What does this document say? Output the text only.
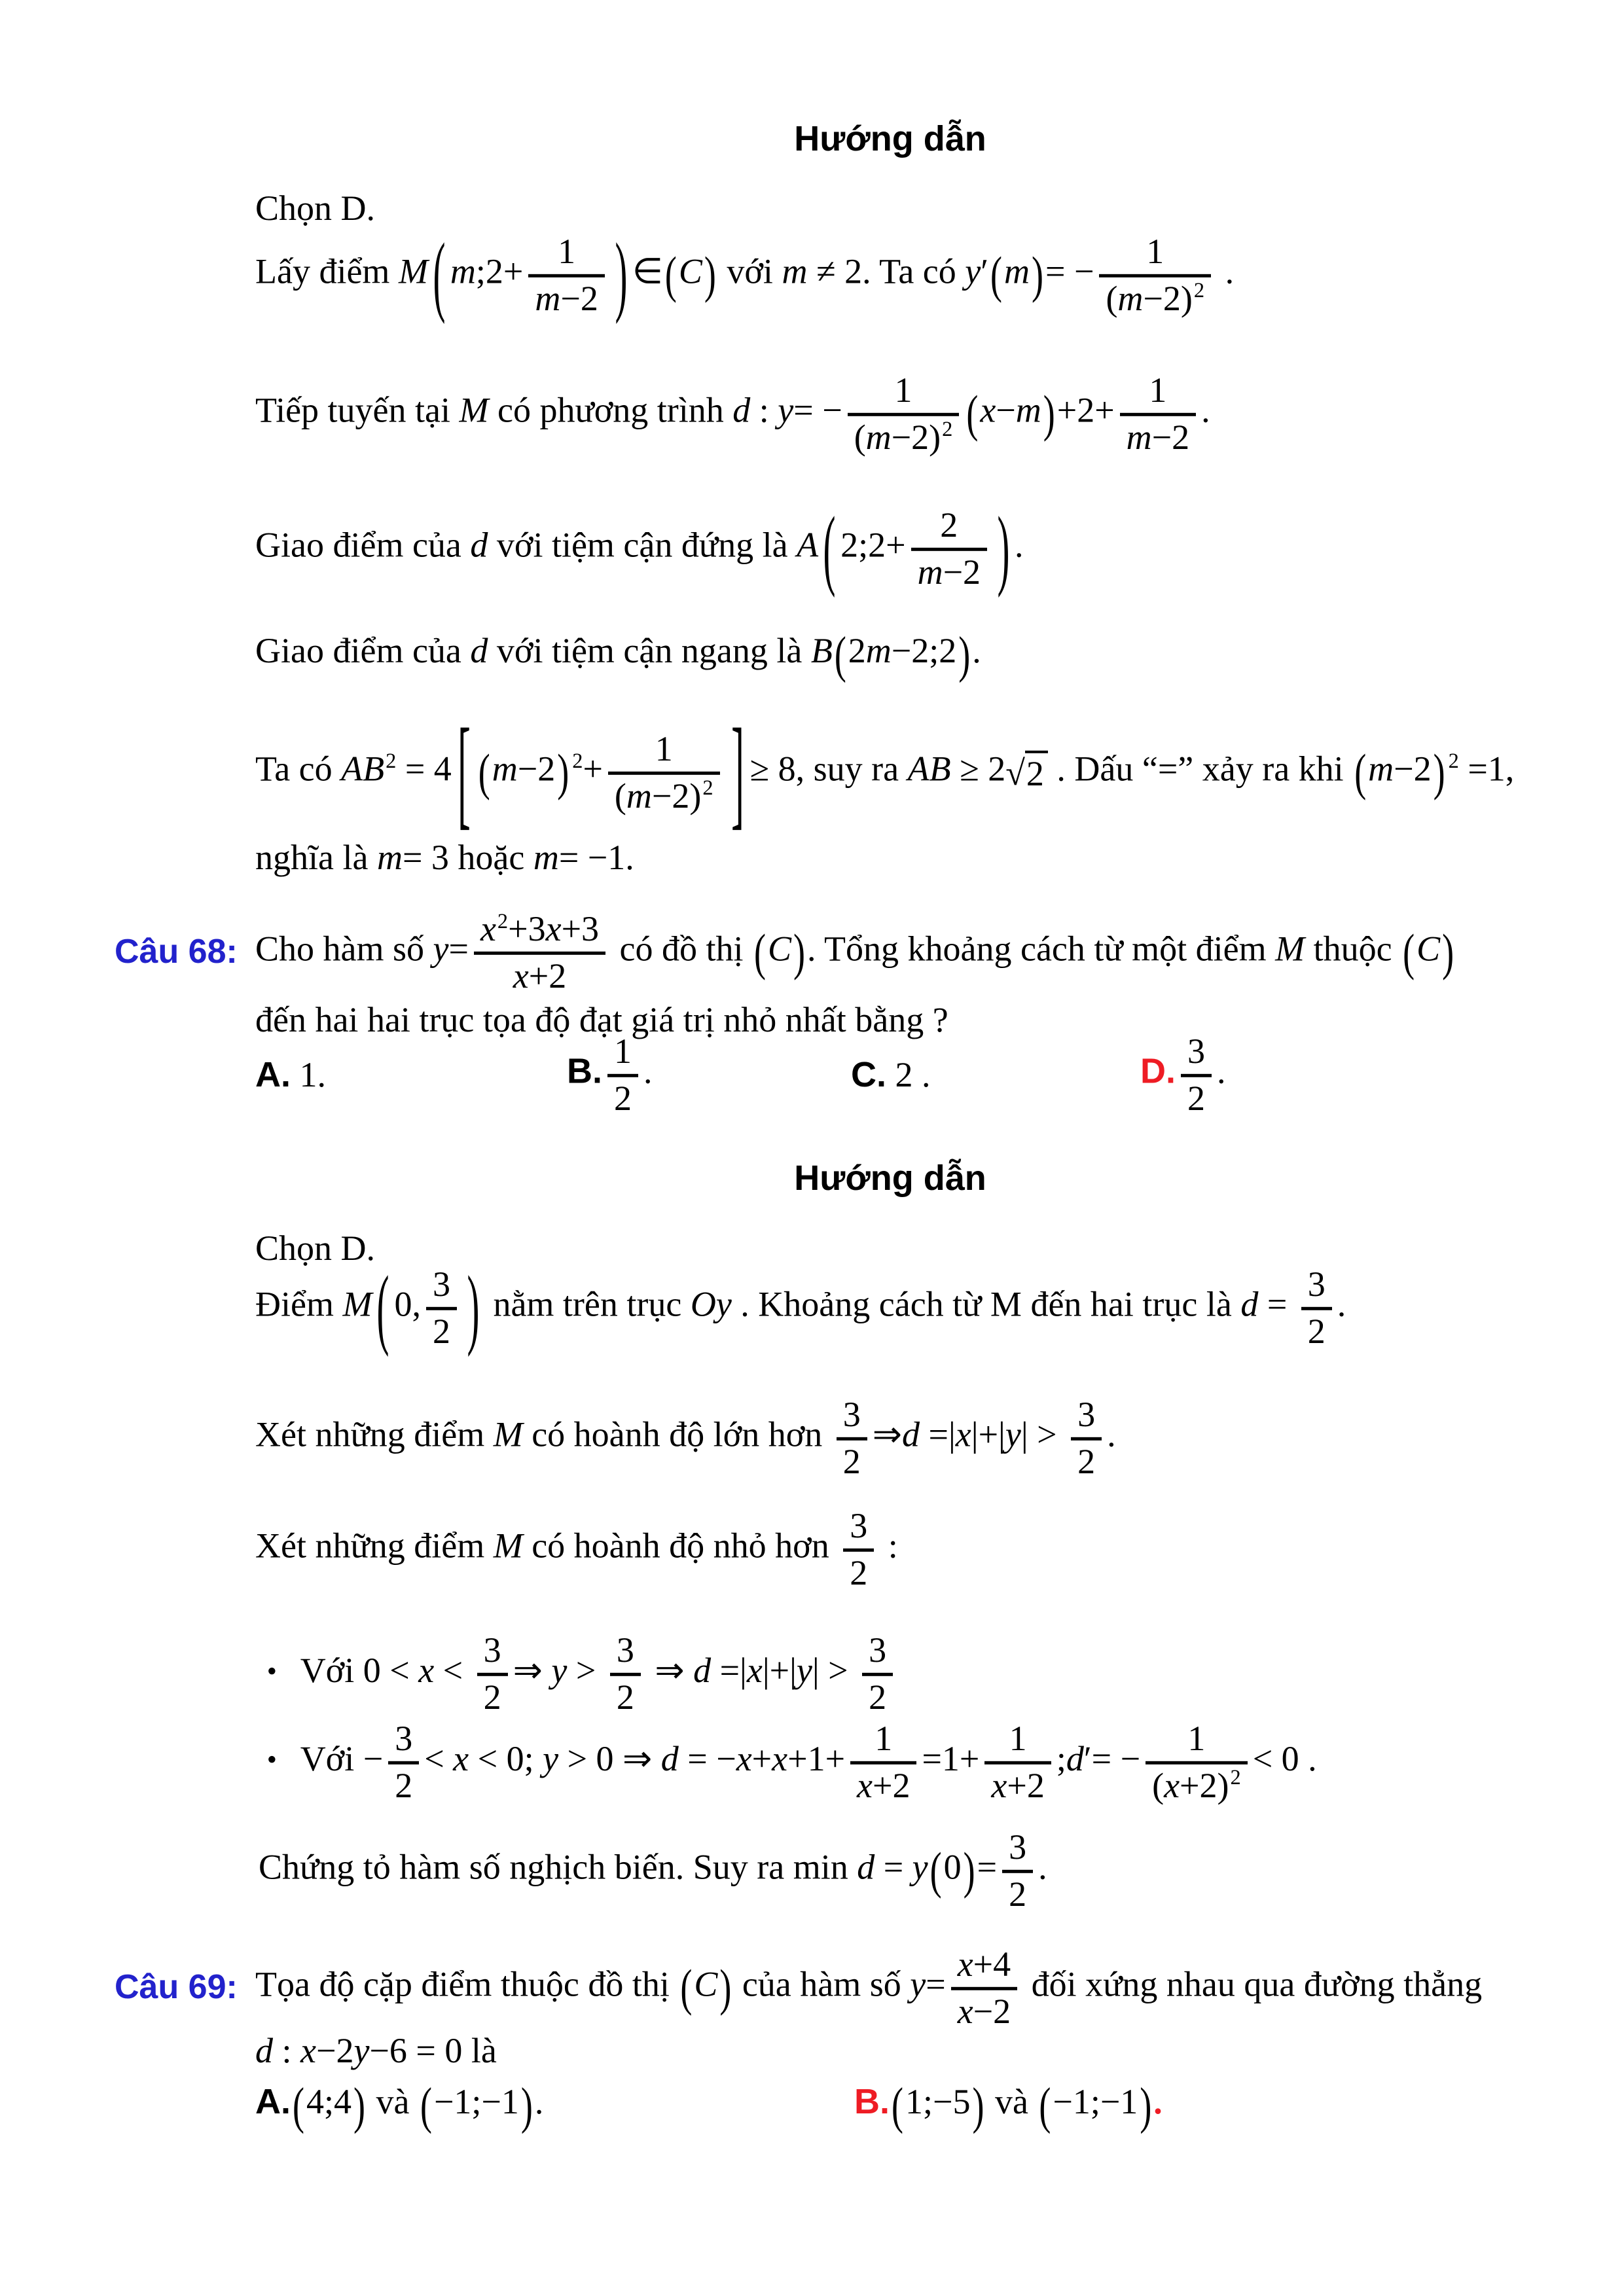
Hướng dẫn
Chọn D.
Lấy điểm M ( m;2+ $\frac{1}{m-2}$ ) ∈(C) với m ≠ 2. Ta có $y'(m)= - \frac{1}{(m-2)^2}$ .
Tiếp tuyến tại M có phương trình d : $y= - \frac{1}{(m-2)^2} (x-m)+2+ \frac{1}{m-2}$ .
Giao điểm của d với tiệm cận đứng là A ( 2;2+ $\frac{2}{m-2}$ ) .
Giao điểm của d với tiệm cận ngang là B(2m−2;2).
Ta có $AB^2 = 4$ [ (m−2) $^2+ \frac{1}{(m-2)^2}$ ] ≥ 8, suy ra AB ≥ 2√2 . Dấu “=” xảy ra khi (m−2) $^2$ =1,
nghĩa là m= 3 hoặc m= −1.
Câu 68: Cho hàm số $y= \frac{x^2+3x+3}{x+2}$ có đồ thị (C). Tổng khoảng cách từ một điểm M thuộc (C)
đến hai hai trục tọa độ đạt giá trị nhỏ nhất bằng ?
A. 1.	B. $\frac{1}{2}$ .	C. 2 .	D. $\frac{3}{2}$ .
Hướng dẫn
Chọn D.
Điểm M ( 0, $\frac{3}{2}$ ) nằm trên trục Oy . Khoảng cách từ M đến hai trục là $d = \frac{3}{2}$ .
Xét những điểm M có hoành độ lớn hơn $\frac{3}{2}$ ⇒d $=|x|+|y| > \frac{3}{2}$ .
Xét những điểm M có hoành độ nhỏ hơn $\frac{3}{2}$ :
● Với $0 < x < \frac{3}{2}$ ⇒ $y > \frac{3}{2}$ ⇒ $d =|x|+|y| > \frac{3}{2}$
● Với − $\frac{3}{2} < x < 0$; y > 0 ⇒ $d = -x+x+1+ \frac{1}{x+2} =1+ \frac{1}{x+2}$ ;d′= − $\frac{1}{(x+2)^2} < 0$ .
Chứng tỏ hàm số nghịch biến. Suy ra $\min d = y(0)= \frac{3}{2}$ .
Câu 69: Tọa độ cặp điểm thuộc đồ thị (C) của hàm số $y= \frac{x+4}{x-2}$ đối xứng nhau qua đường thẳng
d : x−2y−6 = 0 là
A.(4;4) và (−1;−1).	B.(1;−5) và (−1;−1).
